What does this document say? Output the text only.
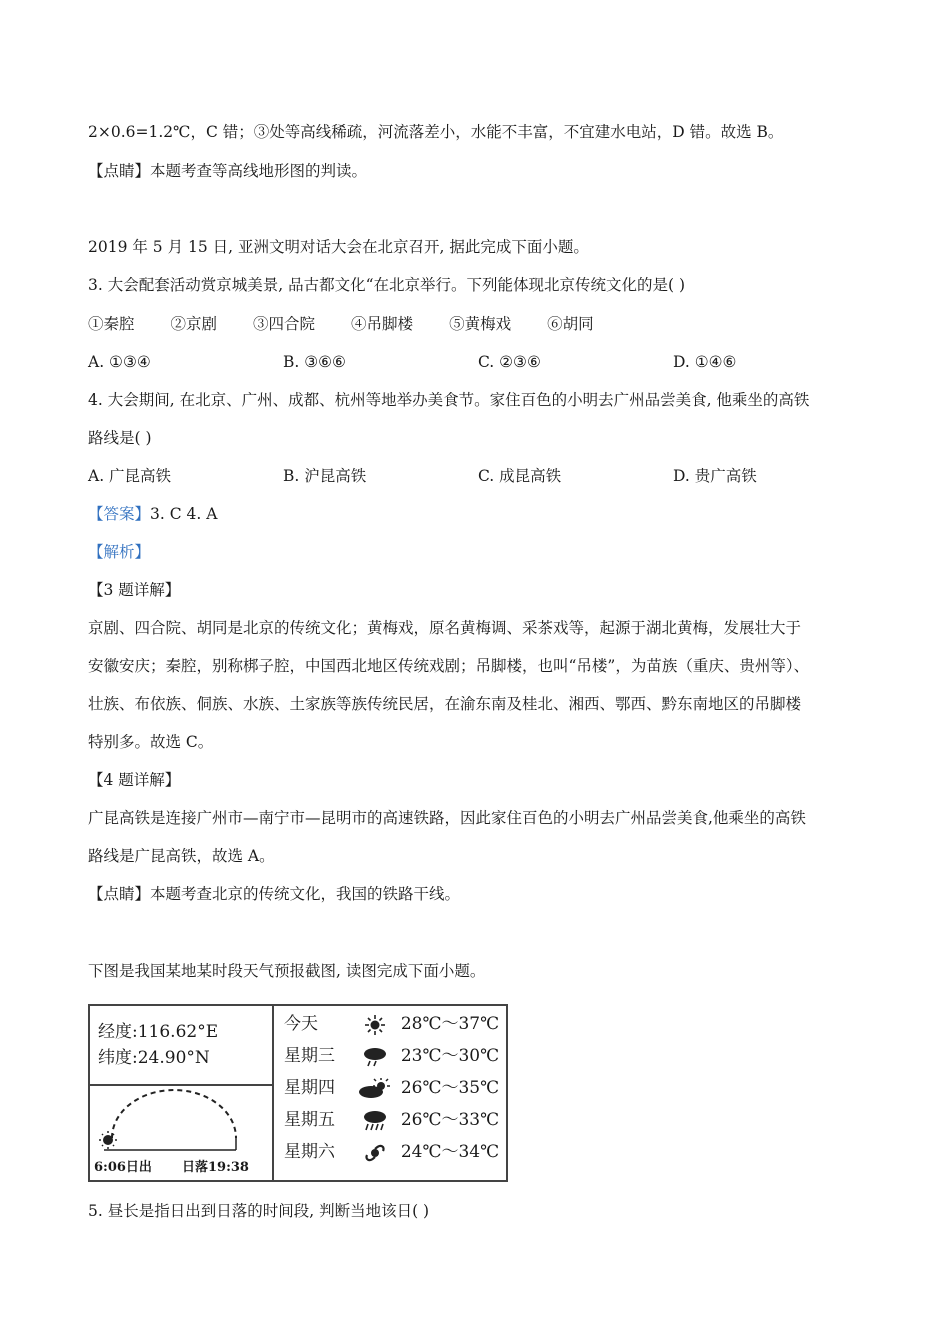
2×0.6=1.2℃，C 错；③处等高线稀疏，河流落差小，水能不丰富，不宜建水电站，D 错。故选 B。
【点睛】本题考查等高线地形图的判读。
2019 年 5 月 15 日, 亚洲文明对话大会在北京召开, 据此完成下面小题。
3. 大会配套活动赏京城美景, 品古都文化“在北京举行。下列能体现北京传统文化的是( )
①秦腔 ②京剧 ③四合院 ④吊脚楼 ⑤黄梅戏 ⑥胡同
A. ①③④	B. ③⑥⑥	C. ②③⑥	D. ①④⑥
4. 大会期间, 在北京、广州、成都、杭州等地举办美食节。家住百色的小明去广州品尝美食, 他乘坐的高铁
路线是( )
A. 广昆高铁	B. 沪昆高铁	C. 成昆高铁	D. 贵广高铁
【答案】3. C 4. A
【解析】
【3 题详解】
京剧、四合院、胡同是北京的传统文化；黄梅戏，原名黄梅调、采茶戏等，起源于湖北黄梅，发展壮大于
安徽安庆；秦腔，别称梆子腔，中国西北地区传统戏剧；吊脚楼，也叫“吊楼”，为苗族（重庆、贵州等）、
壮族、布依族、侗族、水族、土家族等族传统民居，在渝东南及桂北、湘西、鄂西、黔东南地区的吊脚楼
特别多。故选 C。
【4 题详解】
广昆高铁是连接广州市—南宁市—昆明市的高速铁路，因此家住百色的小明去广州品尝美食,他乘坐的高铁
路线是广昆高铁，故选 A。
【点睛】本题考查北京的传统文化，我国的铁路干线。
下图是我国某地某时段天气预报截图, 读图完成下面小题。
经度:116.62°E
纬度:24.90°N
6:06日出 日落19:38
今天	28℃～37℃
星期三	23℃～30℃
星期四	26℃～35℃
星期五	26℃～33℃
星期六	24℃～34℃
5. 昼长是指日出到日落的时间段, 判断当地该日( )
